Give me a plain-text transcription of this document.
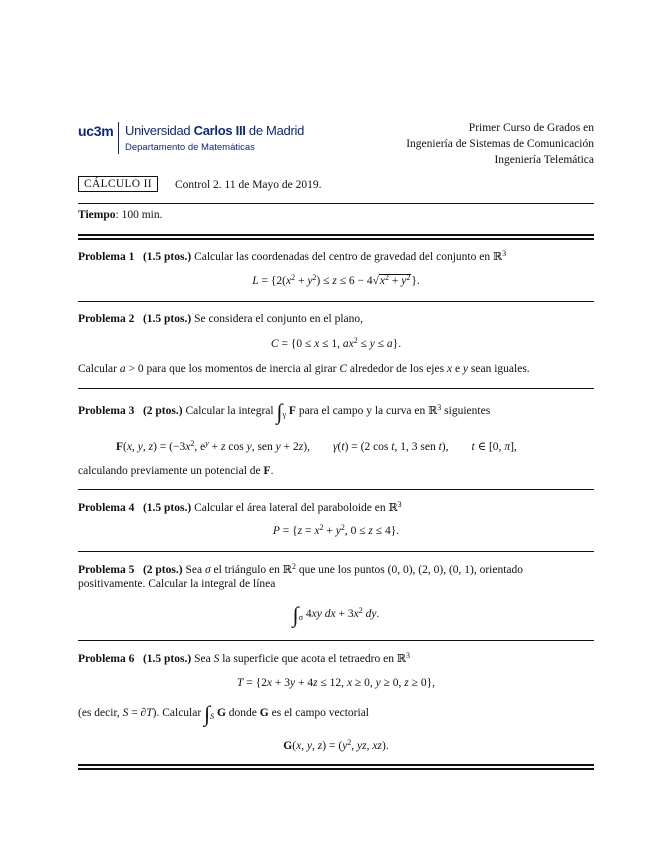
uc3m Universidad Carlos III de Madrid
Departamento de Matemáticas
Primer Curso de Grados en
Ingeniería de Sistemas de Comunicación
Ingeniería Telemática
CÁLCULO II	Control 2. 11 de Mayo de 2019.
Tiempo: 100 min.
Problema 1 (1.5 ptos.) Calcular las coordenadas del centro de gravedad del conjunto en ℝ$^3$
$L = \{2(x^2 + y^2) \le z \le 6 - 4√x^2 + y^2\}$.
Problema 2 (1.5 ptos.) Se considera el conjunto en el plano,
C = {0 ≤ x ≤ 1, $ax^2 \le y \le a$}.
Calcular a > 0 para que los momentos de inercia al girar C alrededor de los ejes x e y sean iguales.
Problema 3 (2 ptos.) Calcular la integral $\int_\gamma$ F para el campo y la curva en ℝ$^3$ siguientes
F(x, y, $z) = (-3x^2$, $e^y + z$ cos y, sen y + 2z),        γ(t) = (2 cos t, 1, 3 sen t),        t ∈ [0, π],
calculando previamente un potencial de F.
Problema 4 (1.5 ptos.) Calcular el área lateral del paraboloide en ℝ$^3$
$P = \{z = x^2 + y^2$, 0 ≤ z ≤ 4}.
Problema 5 (2 ptos.) Sea σ el triángulo en ℝ$^2$ que une los puntos (0, 0), (2, 0), (0, 1), orientado
positivamente. Calcular la integral de línea
$\int_\sigma$ 4xy dx + $3x^2$ dy.
Problema 6 (1.5 ptos.) Sea S la superficie que acota el tetraedro en ℝ$^3$
T = {2x + 3y + 4z ≤ 12, x ≥ 0, y ≥ 0, z ≥ 0},
(es decir, S = ∂T). Calcular $\int_S$ G donde G es el campo vectorial
G(x, y, $z) = (y^2$, yz, xz).
